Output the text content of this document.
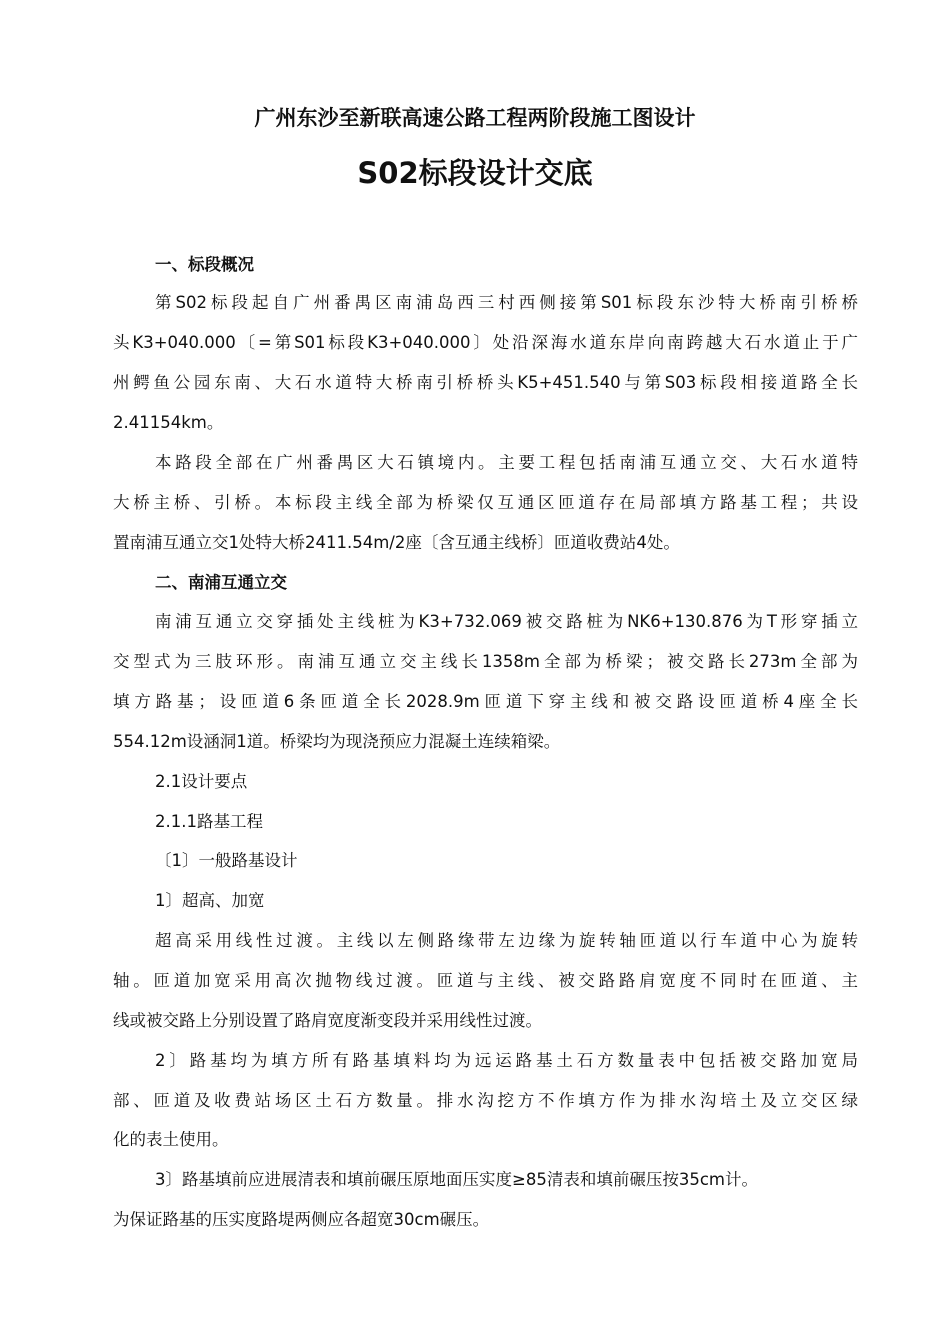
广州东沙至新联高速公路工程两阶段施工图设计
S02标段设计交底
一、标段概况
第S02标段起自广州番禺区南浦岛西三村西侧接第S01标段东沙特大桥南引桥桥
头K3+040.000〔=第S01标段K3+040.000〕处沿深海水道东岸向南跨越大石水道止于广
州鳄鱼公园东南、大石水道特大桥南引桥桥头K5+451.540与第S03标段相接道路全长
2.41154km。
本路段全部在广州番禺区大石镇境内。主要工程包括南浦互通立交、大石水道特
大桥主桥、引桥。本标段主线全部为桥梁仅互通区匝道存在局部填方路基工程；共设
置南浦互通立交1处特大桥2411.54m/2座〔含互通主线桥〕匝道收费站4处。
二、南浦互通立交
南浦互通立交穿插处主线桩为K3+732.069被交路桩为NK6+130.876为T形穿插立
交型式为三肢环形。南浦互通立交主线长1358m全部为桥梁；被交路长273m全部为
填方路基；设匝道6条匝道全长2028.9m匝道下穿主线和被交路设匝道桥4座全长
554.12m设涵洞1道。桥梁均为现浇预应力混凝土连续箱梁。
2.1设计要点
2.1.1路基工程
〔1〕一般路基设计
1〕超高、加宽
超高采用线性过渡。主线以左侧路缘带左边缘为旋转轴匝道以行车道中心为旋转
轴。匝道加宽采用高次抛物线过渡。匝道与主线、被交路路肩宽度不同时在匝道、主
线或被交路上分别设置了路肩宽度渐变段并采用线性过渡。
2〕路基均为填方所有路基填料均为远运路基土石方数量表中包括被交路加宽局
部、匝道及收费站场区土石方数量。排水沟挖方不作填方作为排水沟培土及立交区绿
化的表土使用。
3〕路基填前应进展清表和填前碾压原地面压实度≥85清表和填前碾压按35cm计。
为保证路基的压实度路堤两侧应各超宽30cm碾压。
